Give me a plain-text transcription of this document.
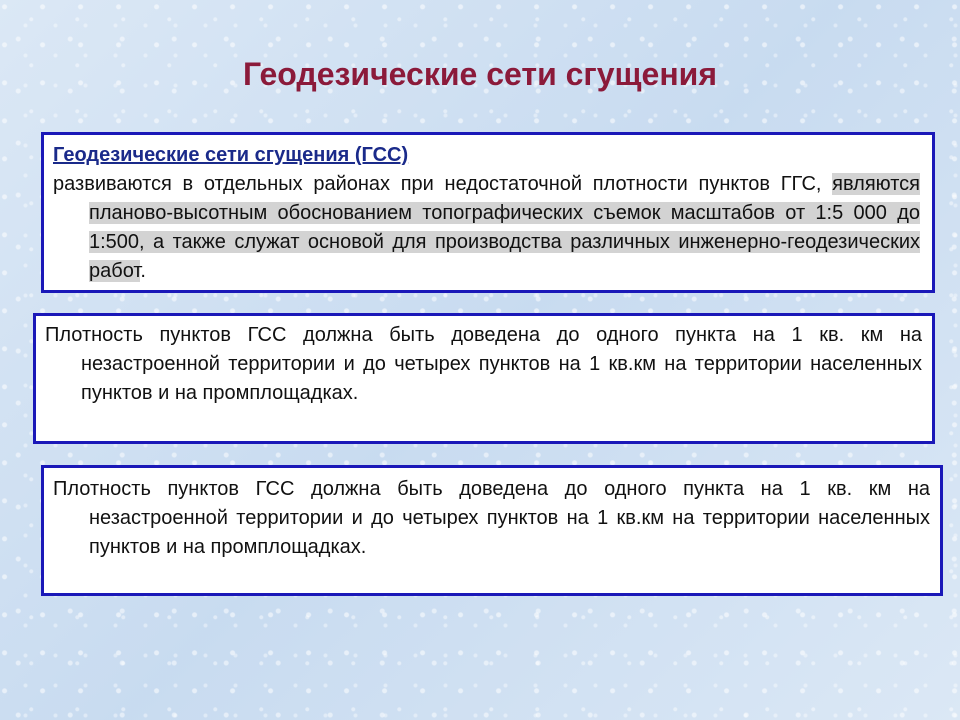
Геодезические сети сгущения
Геодезические сети сгущения (ГСС)

развиваются в отдельных районах при недостаточной плотности пунктов ГГС, являются планово-высотным обоснованием топографических съемок масштабов от 1:5 000 до 1:500, а также служат основой для производства различных инженерно-геодезических работ.

Плотность пунктов ГСС должна быть доведена до одного пункта на 1 кв. км на незастроенной территории и до четырех пунктов на 1 кв.км на территории населенных пунктов и на промплощадках.

Плотность пунктов ГСС должна быть доведена до одного пункта на 1 кв. км на незастроенной территории и до четырех пунктов на 1 кв.км на территории населенных пунктов и на промплощадках.
